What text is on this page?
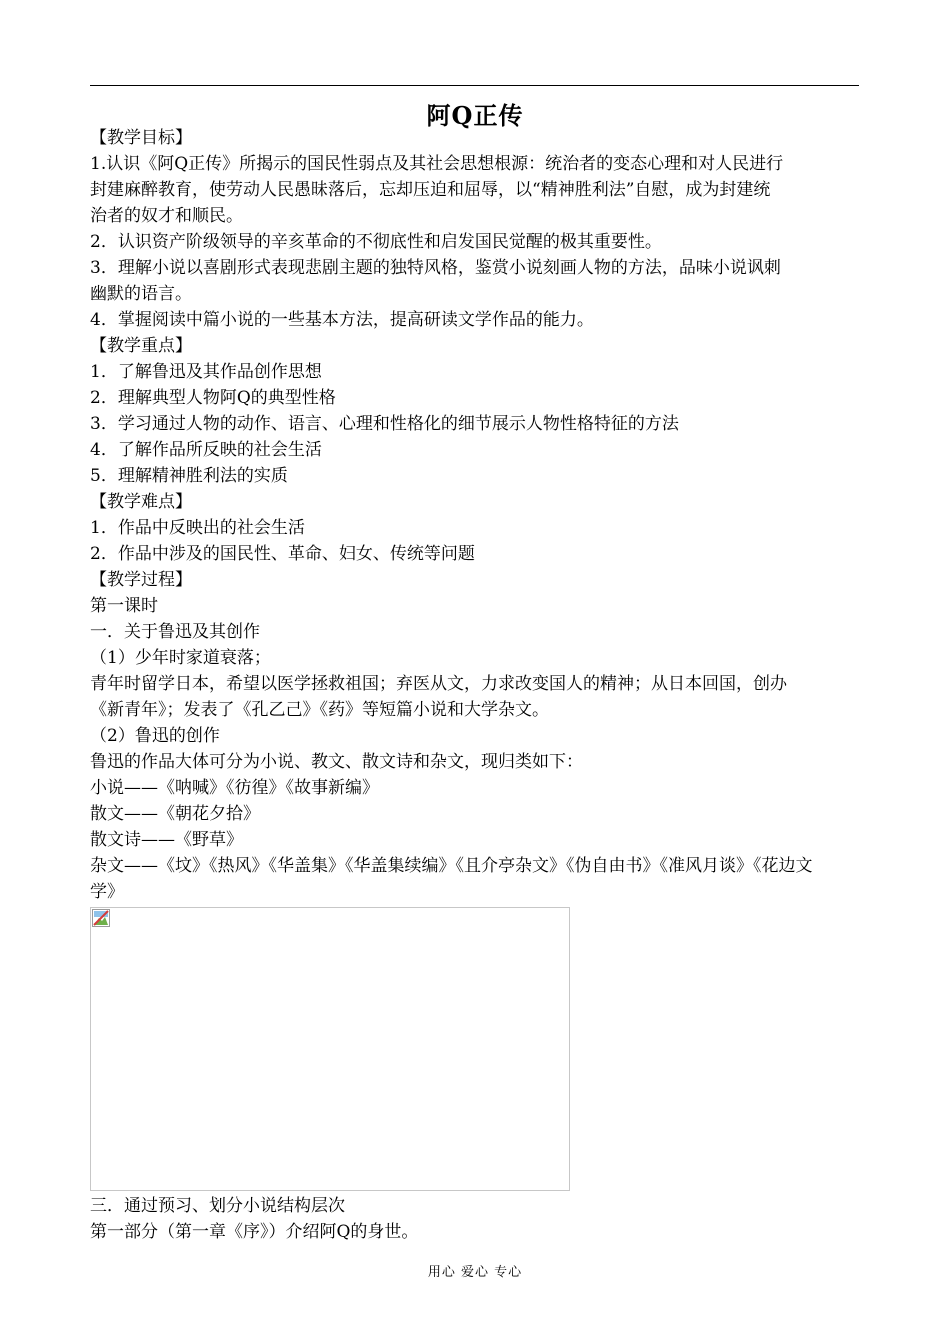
阿Q正传

【教学目标】

1.认识《阿Q正传》所揭示的国民性弱点及其社会思想根源：统治者的变态心理和对人民进行

封建麻醉教育，使劳动人民愚昧落后，忘却压迫和屈辱，以“精神胜利法”自慰，成为封建统

治者的奴才和顺民。

2．认识资产阶级领导的辛亥革命的不彻底性和启发国民觉醒的极其重要性。

3．理解小说以喜剧形式表现悲剧主题的独特风格，鉴赏小说刻画人物的方法，品味小说讽刺

幽默的语言。

4．掌握阅读中篇小说的一些基本方法，提高研读文学作品的能力。

【教学重点】

1．了解鲁迅及其作品创作思想

2．理解典型人物阿Q的典型性格

3．学习通过人物的动作、语言、心理和性格化的细节展示人物性格特征的方法

4．了解作品所反映的社会生活

5．理解精神胜利法的实质

【教学难点】

1．作品中反映出的社会生活

2．作品中涉及的国民性、革命、妇女、传统等问题

【教学过程】

第一课时

一．关于鲁迅及其创作

（1）少年时家道衰落；

青年时留学日本，希望以医学拯救祖国；弃医从文，力求改变国人的精神；从日本回国，创办

《新青年》；发表了《孔乙己》《药》等短篇小说和大学杂文。

（2）鲁迅的创作

鲁迅的作品大体可分为小说、教文、散文诗和杂文，现归类如下：

小说——《呐喊》《彷徨》《故事新编》

散文——《朝花夕拾》

散文诗——《野草》

杂文——《坟》《热风》《华盖集》《华盖集续编》《且介亭杂文》《伪自由书》《准风月谈》《花边文

学》

三．通过预习、划分小说结构层次

第一部分（第一章《序》）介绍阿Q的身世。

用心 爱心 专心
